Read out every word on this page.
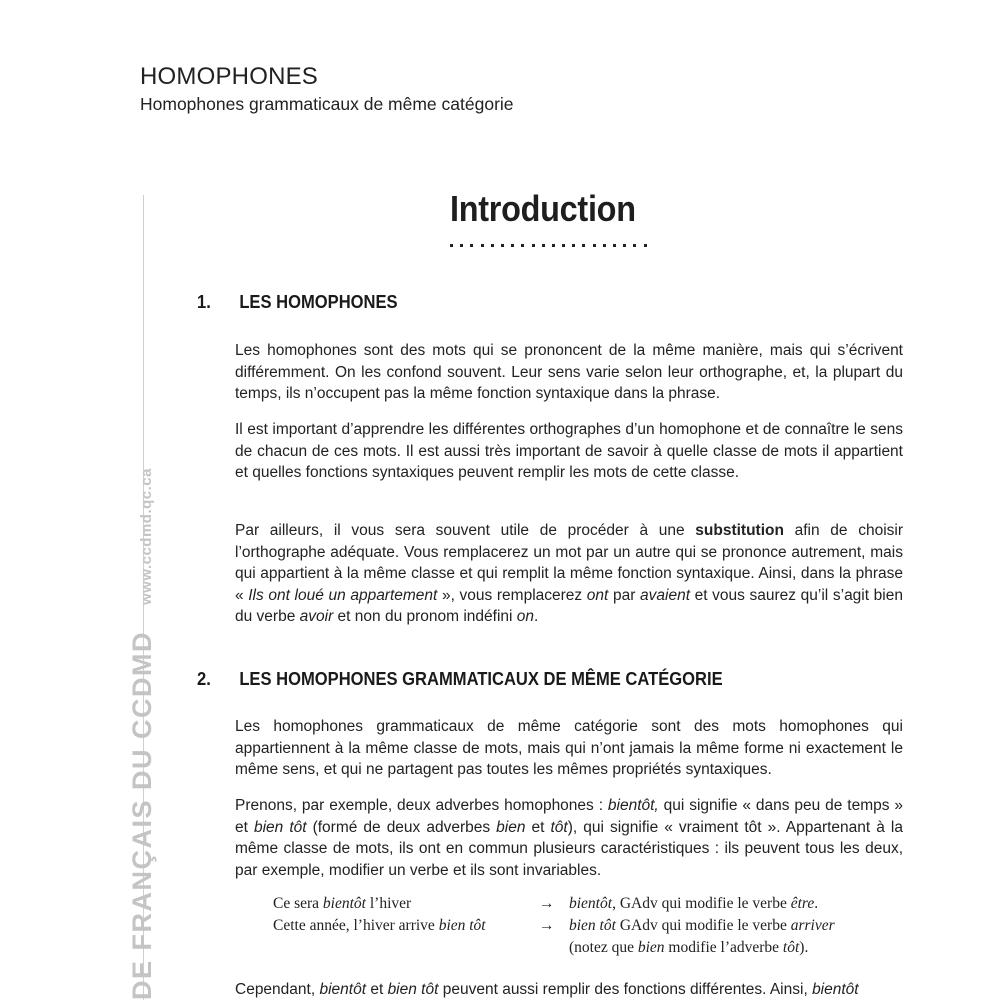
HOMOPHONES
Homophones grammaticaux de même catégorie
DE FRANÇAIS DU CCDMD
www.ccdmd.qc.ca
Introduction
1.	LES HOMOPHONES
Les homophones sont des mots qui se prononcent de la même manière, mais qui s’écrivent différemment. On les confond souvent. Leur sens varie selon leur orthographe, et, la plupart du temps, ils n’occupent pas la même fonction syntaxique dans la phrase.
Il est important d’apprendre les différentes orthographes d’un homophone et de connaître le sens de chacun de ces mots. Il est aussi très important de savoir à quelle classe de mots il appartient et quelles fonctions syntaxiques peuvent remplir les mots de cette classe.
Par ailleurs, il vous sera souvent utile de procéder à une substitution afin de choisir l’orthographe adéquate. Vous remplacerez un mot par un autre qui se prononce autrement, mais qui appartient à la même classe et qui remplit la même fonction syntaxique. Ainsi, dans la phrase « Ils ont loué un appartement », vous remplacerez ont par avaient et vous saurez qu’il s’agit bien du verbe avoir et non du pronom indéfini on.
2.	LES HOMOPHONES GRAMMATICAUX DE MÊME CATÉGORIE
Les homophones grammaticaux de même catégorie sont des mots homophones qui appartiennent à la même classe de mots, mais qui n’ont jamais la même forme ni exactement le même sens, et qui ne partagent pas toutes les mêmes propriétés syntaxiques.
Prenons, par exemple, deux adverbes homophones : bientôt, qui signifie « dans peu de temps » et bien tôt (formé de deux adverbes bien et tôt), qui signifie « vraiment tôt ». Appartenant à la même classe de mots, ils ont en commun plusieurs caractéristiques : ils peuvent tous les deux, par exemple, modifier un verbe et ils sont invariables.
Ce sera bientôt l’hiver	→ bientôt, GAdv qui modifie le verbe être.
Cette année, l’hiver arrive bien tôt	→ bien tôt GAdv qui modifie le verbe arriver
(notez que bien modifie l’adverbe tôt).
Cependant, bientôt et bien tôt peuvent aussi remplir des fonctions différentes. Ainsi, bientôt
